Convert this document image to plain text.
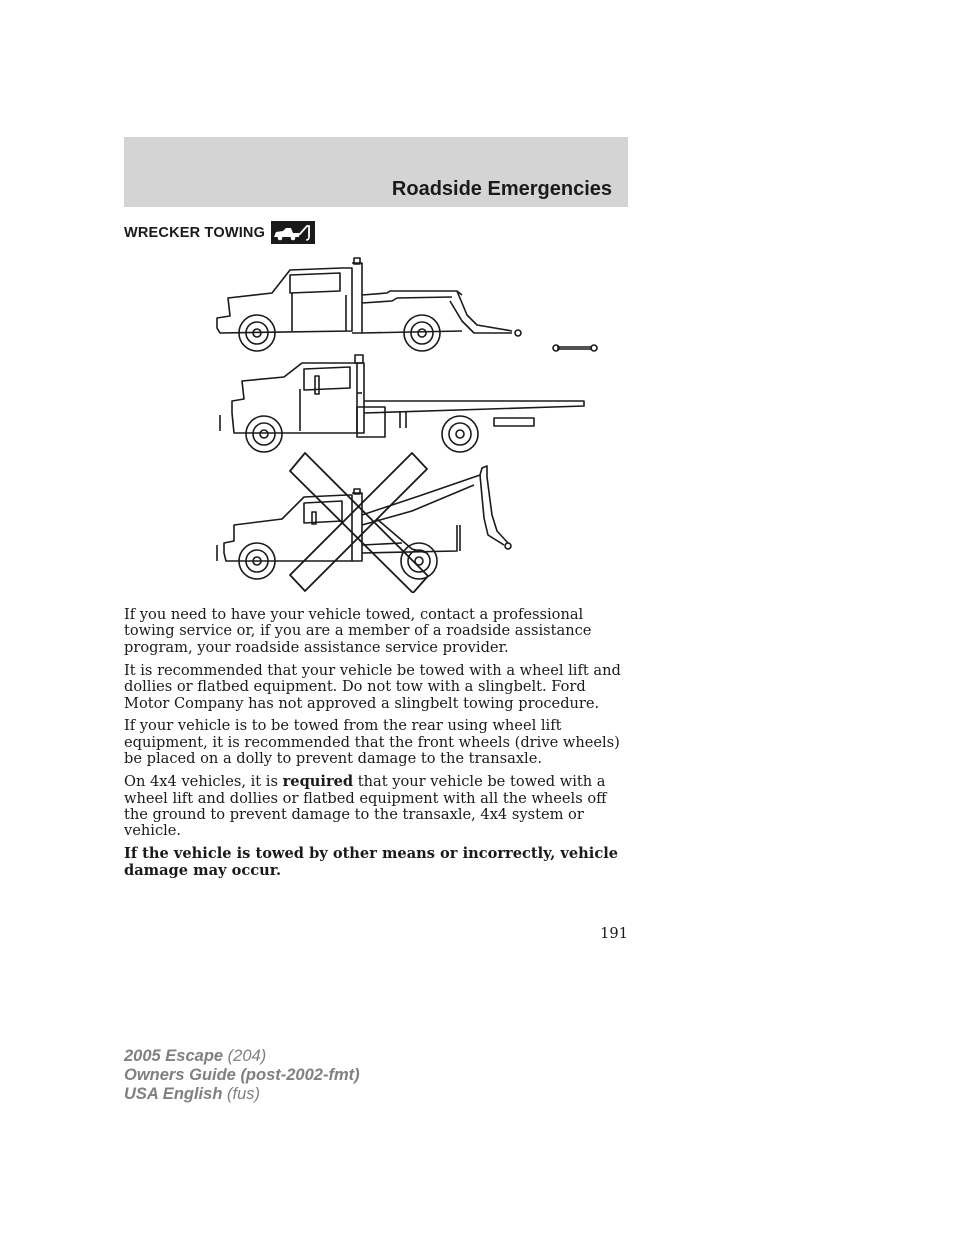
Roadside Emergencies
WRECKER TOWING

If you need to have your vehicle towed, contact a professional towing service or, if you are a member of a roadside assistance program, your roadside assistance service provider.

It is recommended that your vehicle be towed with a wheel lift and dollies or flatbed equipment. Do not tow with a slingbelt. Ford Motor Company has not approved a slingbelt towing procedure.

If your vehicle is to be towed from the rear using wheel lift equipment, it is recommended that the front wheels (drive wheels) be placed on a dolly to prevent damage to the transaxle.

On 4x4 vehicles, it is required that your vehicle be towed with a wheel lift and dollies or flatbed equipment with all the wheels off the ground to prevent damage to the transaxle, 4x4 system or vehicle.

If the vehicle is towed by other means or incorrectly, vehicle damage may occur.

191
2005 Escape (204)
Owners Guide (post-2002-fmt)
USA English (fus)
